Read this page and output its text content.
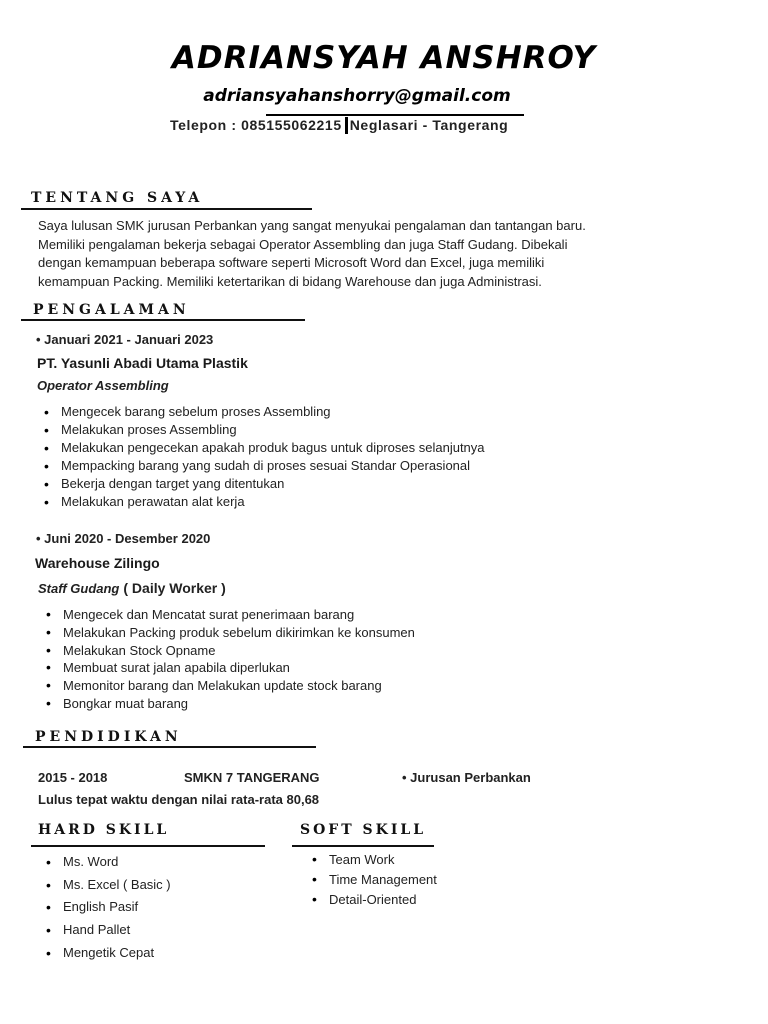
ADRIANSYAH ANSHROY
adriansyahanshorry@gmail.com
Telepon : 085155062215 Neglasari - Tangerang
TENTANG SAYA
Saya lulusan SMK jurusan Perbankan yang sangat menyukai pengalaman dan tantangan baru.
Memiliki pengalaman bekerja sebagai Operator Assembling dan juga Staff Gudang. Dibekali
dengan kemampuan beberapa software seperti Microsoft Word dan Excel, juga memiliki
kemampuan Packing. Memiliki ketertarikan di bidang Warehouse dan juga Administrasi.
PENGALAMAN
• Januari 2021 - Januari 2023
PT. Yasunli Abadi Utama Plastik
Operator Assembling
• Mengecek barang sebelum proses Assembling
• Melakukan proses Assembling
• Melakukan pengecekan apakah produk bagus untuk diproses selanjutnya
• Mempacking barang yang sudah di proses sesuai Standar Operasional
• Bekerja dengan target yang ditentukan
• Melakukan perawatan alat kerja
• Juni 2020 - Desember 2020
Warehouse Zilingo
Staff Gudang ( Daily Worker )
• Mengecek dan Mencatat surat penerimaan barang
• Melakukan Packing produk sebelum dikirimkan ke konsumen
• Melakukan Stock Opname
• Membuat surat jalan apabila diperlukan
• Memonitor barang dan Melakukan update stock barang
• Bongkar muat barang
PENDIDIKAN
2015 - 2018	SMKN 7 TANGERANG
•	Jurusan Perbankan
Lulus tepat waktu dengan nilai rata-rata 80,68
HARD SKILL
• Ms. Word
• Ms. Excel ( Basic )
• English Pasif
• Hand Pallet
• Mengetik Cepat
SOFT SKILL
• Team Work
• Time Management
• Detail-Oriented
